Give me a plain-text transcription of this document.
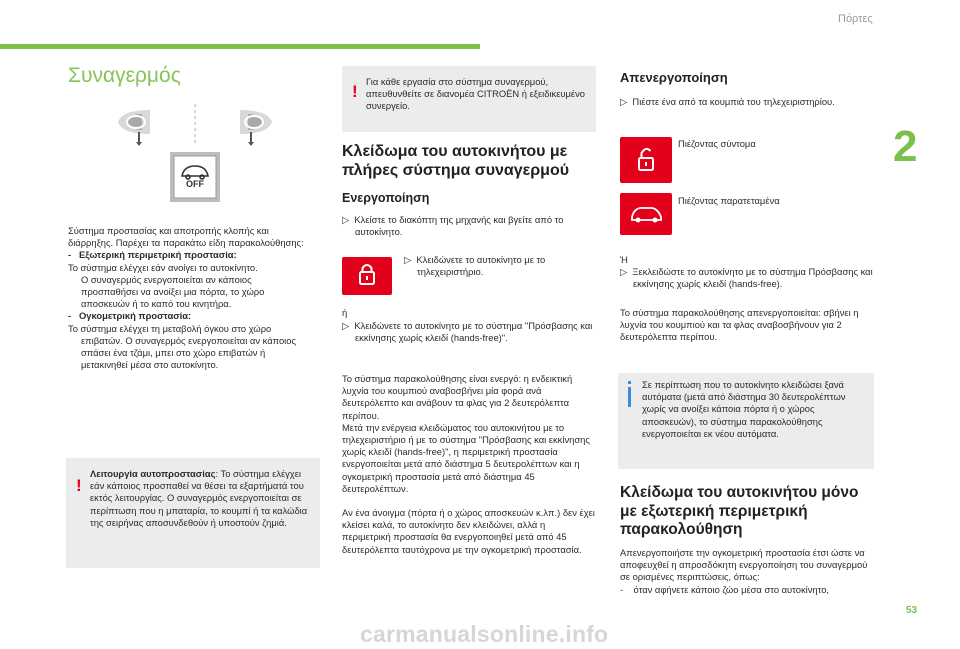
Πόρτες
2
53
Συναγερμός
OFF

Σύστημα προστασίας και αποτροπής κλοπής και διάρρηξης. Παρέχει τα παρακάτω είδη παρακολούθησης:

-   Εξωτερική περιμετρική προστασία:

Το σύστημα ελέγχει εάν ανοίγει το αυτοκίνητο.

Ο συναγερμός ενεργοποιείται αν κάποιος προσπαθήσει να ανοίξει μια πόρτα, το χώρο αποσκευών ή το καπό του κινητήρα.

-   Ογκομετρική προστασία:

Το σύστημα ελέγχει τη μεταβολή όγκου στο χώρο

επιβατών. Ο συναγερμός ενεργοποιείται αν κάποιος σπάσει ένα τζάμι, μπει στο χώρο επιβατών ή μετακινηθεί μέσα στο αυτοκίνητο.

!

Λειτουργία αυτοπροστασίας: Το σύστημα ελέγχει εάν κάποιος προσπαθεί να θέσει τα εξαρτήματά του εκτός λειτουργίας. Ο συναγερμός ενεργοποιείται σε περίπτωση που η μπαταρία, το κουμπί ή τα καλώδια της σειρήνας αποσυνδεθούν ή υποστούν ζημιά.

!

Για κάθε εργασία στο σύστημα συναγερμού, απευθυνθείτε σε διανομέα CITROËN ή εξειδικευμένο συνεργείο.

Κλείδωμα του αυτοκινήτου με πλήρες σύστημα συναγερμού
Ενεργοποίηση

▷  Κλείστε το διακόπτη της μηχανής και βγείτε από το αυτοκίνητο.

▷  Κλειδώνετε το αυτοκίνητο με το τηλεχειριστήριο.

ή

▷  Κλειδώνετε το αυτοκίνητο με το σύστημα "Πρόσβασης και εκκίνησης χωρίς κλειδί (hands-free)".

Το σύστημα παρακολούθησης είναι ενεργό: η ενδεικτική λυχνία του κουμπιού αναβοσβήνει μία φορά ανά δευτερόλεπτο και ανάβουν τα φλας για 2 δευτερόλεπτα περίπου.

Μετά την ενέργεια κλειδώματος του αυτοκινήτου με το τηλεχειριστήριο ή με το σύστημα "Πρόσβασης και εκκίνησης χωρίς κλειδί (hands-free)", η περιμετρική προστασία ενεργοποιείται μετά από διάστημα 5 δευτερολέπτων και η ογκομετρική προστασία μετά από διάστημα 45 δευτερολέπτων.

Αν ένα άνοιγμα (πόρτα ή ο χώρος αποσκευών κ.λπ.) δεν έχει κλείσει καλά, το αυτοκίνητο δεν κλειδώνει, αλλά η περιμετρική προστασία θα ενεργοποιηθεί μετά από 45 δευτερόλεπτα ταυτόχρονα με την ογκομετρική προστασία.

Απενεργοποίηση

▷  Πιέστε ένα από τα κουμπιά του τηλεχειριστηρίου.

Πιέζοντας σύντομα
Πιέζοντας παρατεταμένα
Ή

▷  Ξεκλειδώστε το αυτοκίνητο με το σύστημα Πρόσβασης και εκκίνησης χωρίς κλειδί (hands-free).

Το σύστημα παρακολούθησης απενεργοποιείται: σβήνει η λυχνία του κουμπιού και τα φλας αναβοσβήνουν για 2 δευτερόλεπτα περίπου.

Σε περίπτωση που το αυτοκίνητο κλειδώσει ξανά αυτόματα (μετά από διάστημα 30 δευτερολέπτων χωρίς να ανοίξει κάποια πόρτα ή ο χώρος αποσκευών), το σύστημα παρακολούθησης ενεργοποιείται εκ νέου αυτόματα.

Κλείδωμα του αυτοκινήτου μόνο με εξωτερική περιμετρική παρακολούθηση

Απενεργοποιήστε την ογκομετρική προστασία έτσι ώστε να αποφευχθεί η απροσδόκητη ενεργοποίηση του συναγερμού σε ορισμένες περιπτώσεις, όπως:

-    όταν αφήνετε κάποιο ζώο μέσα στο αυτοκίνητο,

carmanualsonline.info
